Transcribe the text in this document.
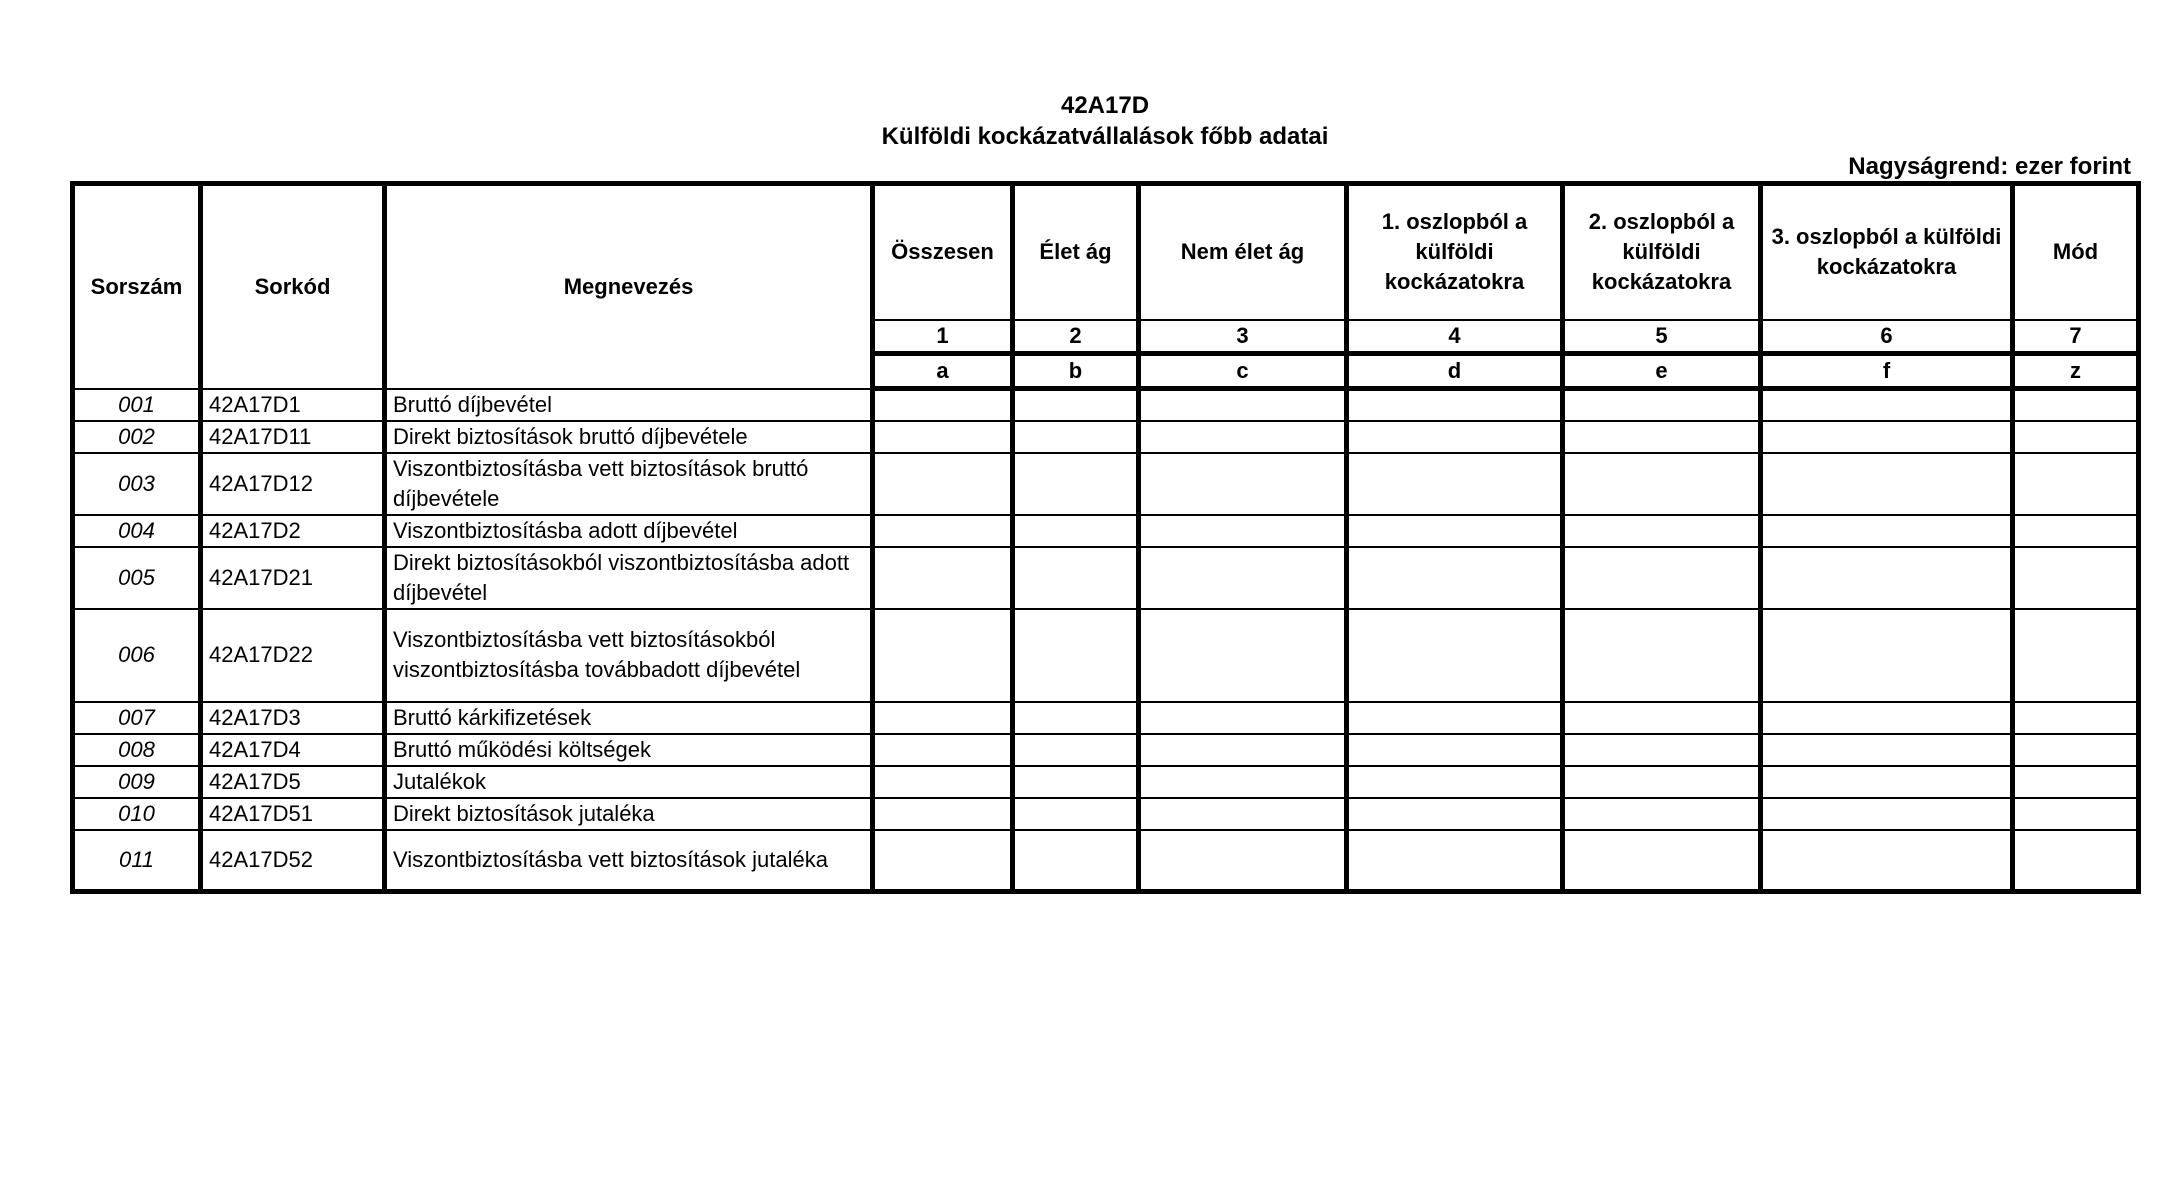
42A17D
Külföldi kockázatvállalások főbb adatai
Nagyságrend: ezer forint
Sorszám	Sorkód	Megnevezés	Összesen	Élet ág	Nem élet ág	1. oszlopból a külföldi kockázatokra	2. oszlopból a külföldi kockázatokra	3. oszlopból a külföldi kockázatokra	Mód
			1	2	3	4	5	6	7
			a	b	c	d	e	f	z
001	42A17D1	Bruttó díjbevétel							
002	42A17D11	Direkt biztosítások bruttó díjbevétele							
003	42A17D12	Viszontbiztosításba vett biztosítások bruttó díjbevétele							
004	42A17D2	Viszontbiztosításba adott díjbevétel							
005	42A17D21	Direkt biztosításokból viszontbiztosításba adott díjbevétel							
006	42A17D22	Viszontbiztosításba vett biztosításokból viszontbiztosításba továbbadott díjbevétel							
007	42A17D3	Bruttó kárkifizetések							
008	42A17D4	Bruttó működési költségek							
009	42A17D5	Jutalékok							
010	42A17D51	Direkt biztosítások jutaléka							
011	42A17D52	Viszontbiztosításba vett biztosítások jutaléka							
